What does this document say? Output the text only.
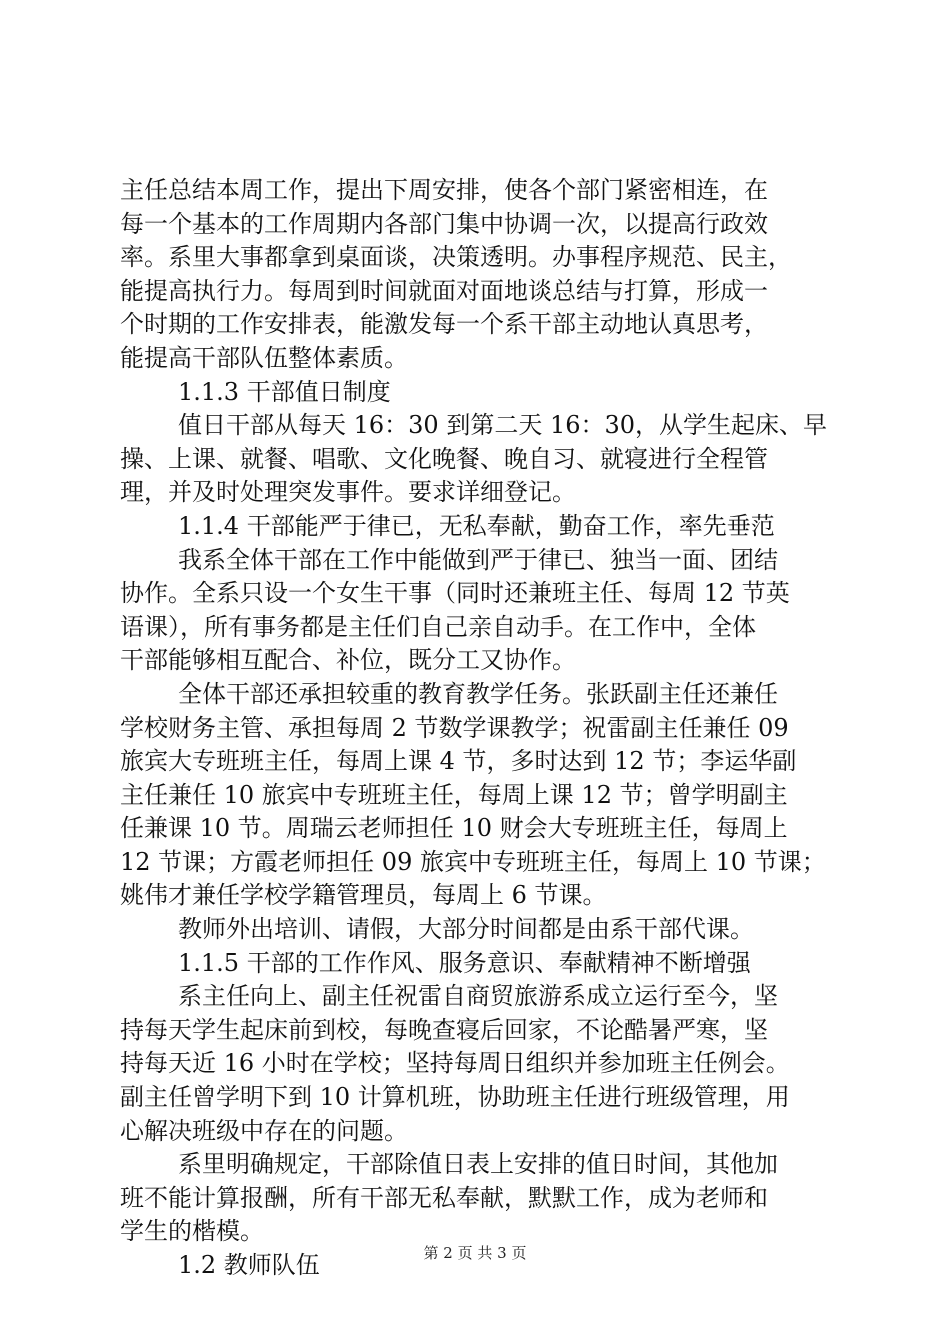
主任总结本周工作，提出下周安排，使各个部门紧密相连，在

每一个基本的工作周期内各部门集中协调一次，以提高行政效

率。系里大事都拿到桌面谈，决策透明。办事程序规范、民主，

能提高执行力。每周到时间就面对面地谈总结与打算，形成一

个时期的工作安排表，能激发每一个系干部主动地认真思考，

能提高干部队伍整体素质。

1.1.3 干部值日制度

值日干部从每天 16：30 到第二天 16：30，从学生起床、早

操、上课、就餐、唱歌、文化晚餐、晚自习、就寝进行全程管

理，并及时处理突发事件。要求详细登记。

1.1.4 干部能严于律已，无私奉献，勤奋工作，率先垂范

我系全体干部在工作中能做到严于律已、独当一面、团结

协作。全系只设一个女生干事（同时还兼班主任、每周 12 节英

语课），所有事务都是主任们自己亲自动手。在工作中，全体

干部能够相互配合、补位，既分工又协作。

全体干部还承担较重的教育教学任务。张跃副主任还兼任

学校财务主管、承担每周 2 节数学课教学；祝雷副主任兼任 09

旅宾大专班班主任，每周上课 4 节，多时达到 12 节；李运华副

主任兼任 10 旅宾中专班班主任，每周上课 12 节；曾学明副主

任兼课 10 节。周瑞云老师担任 10 财会大专班班主任，每周上

12 节课；方霞老师担任 09 旅宾中专班班主任，每周上 10 节课；

姚伟才兼任学校学籍管理员，每周上 6 节课。

教师外出培训、请假，大部分时间都是由系干部代课。

1.1.5 干部的工作作风、服务意识、奉献精神不断增强

系主任向上、副主任祝雷自商贸旅游系成立运行至今，坚

持每天学生起床前到校，每晚查寝后回家，不论酷暑严寒，坚

持每天近 16 小时在学校；坚持每周日组织并参加班主任例会。

副主任曾学明下到 10 计算机班，协助班主任进行班级管理，用

心解决班级中存在的问题。

系里明确规定，干部除值日表上安排的值日时间，其他加

班不能计算报酬，所有干部无私奉献，默默工作，成为老师和

学生的楷模。

1.2 教师队伍	第 2 页 共 3 页
